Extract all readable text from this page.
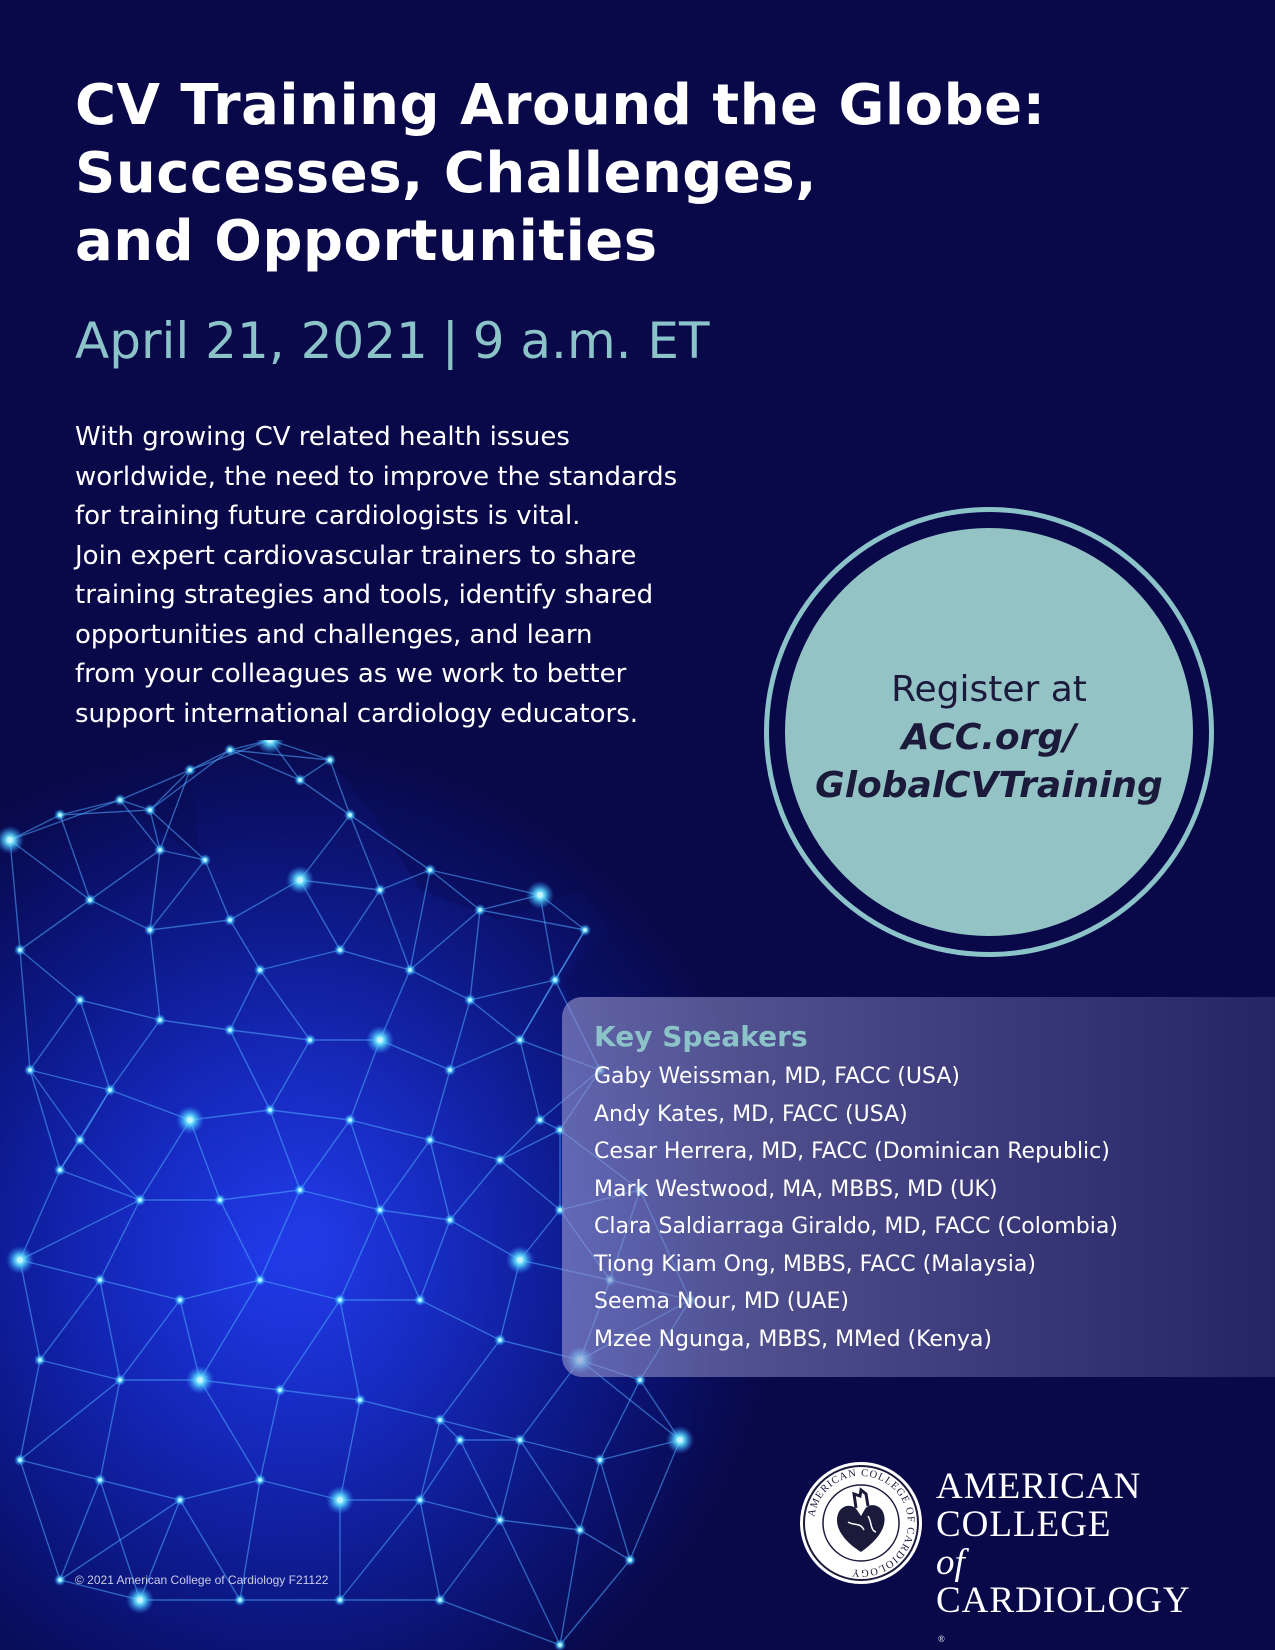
CV Training Around the Globe:
Successes, Challenges,
and Opportunities
April 21, 2021 | 9 a.m. ET

With growing CV related health issues
worldwide, the need to improve the standards
for training future cardiologists is vital.
Join expert cardiovascular trainers to share
training strategies and tools, identify shared
opportunities and challenges, and learn
from your colleagues as we work to better
support international cardiology educators.

Register at
ACC.org/
GlobalCVTraining
Key Speakers
Gaby Weissman, MD, FACC (USA)
Andy Kates, MD, FACC (USA)
Cesar Herrera, MD, FACC (Dominican Republic)
Mark Westwood, MA, MBBS, MD (UK)
Clara Saldiarraga Giraldo, MD, FACC (Colombia)
Tiong Kiam Ong, MBBS, FACC (Malaysia)
Seema Nour, MD (UAE)
Mzee Ngunga, MBBS, MMed (Kenya)
AMERICAN COLLEGE OF CARDIOLOGY
AMERICAN
COLLEGE
of
CARDIOLOGY
®
© 2021 American College of Cardiology F21122
